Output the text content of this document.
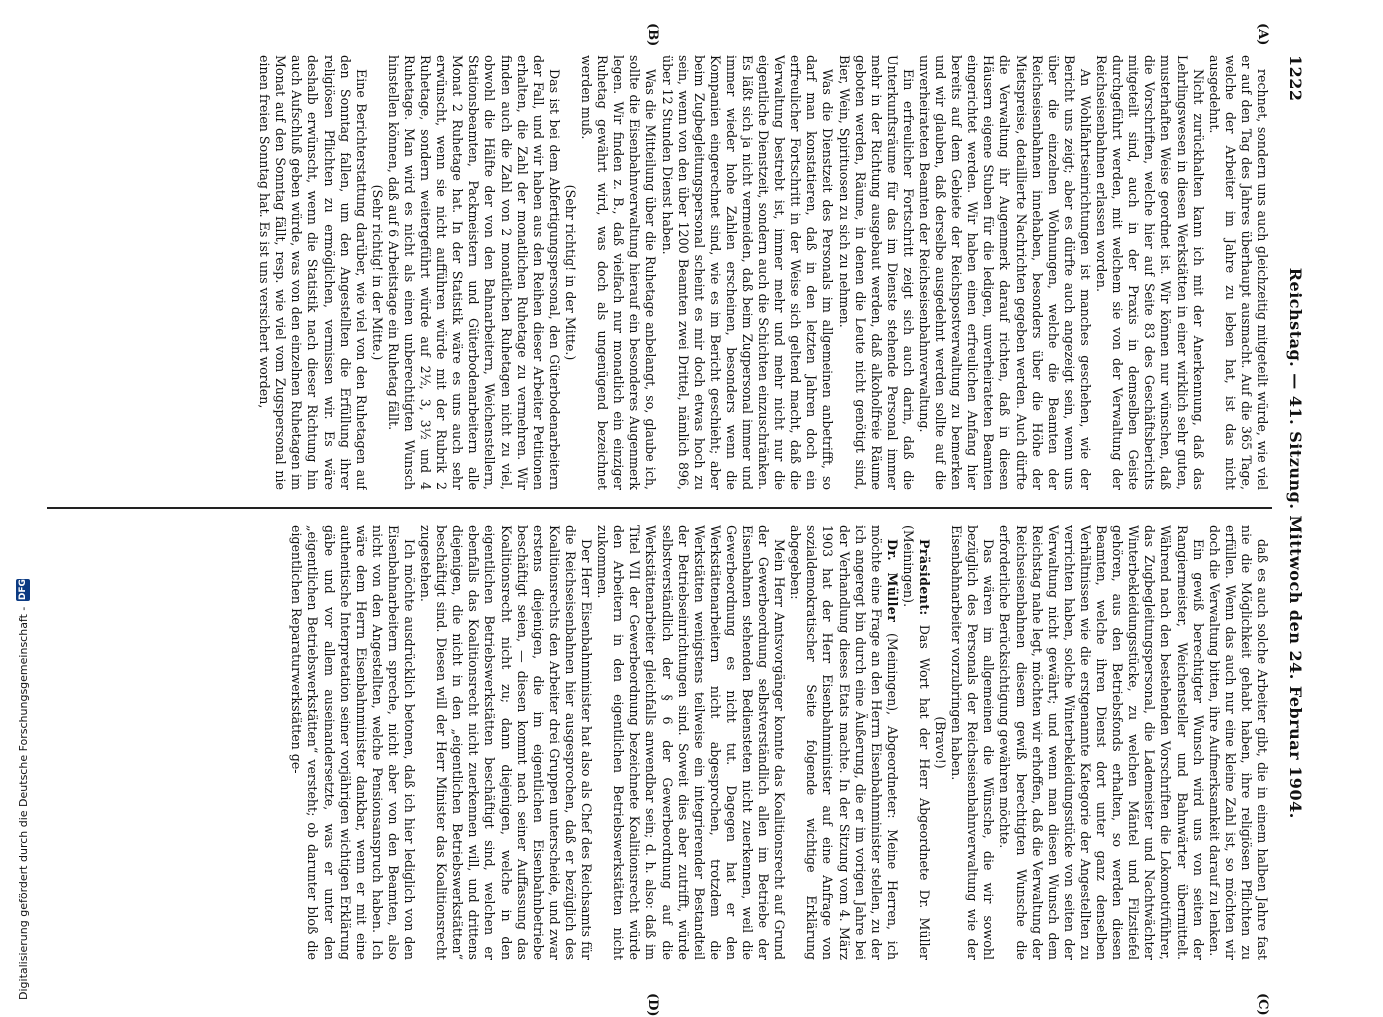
1222
Reichstag. — 41. Sitzung. Mittwoch den 24. Februar 1904.
(A)
(B)
(C)
(D)

rechnet, sondern uns auch gleichzeitig mitgeteilt würde, wie viel er auf den Tag des Jahres überhaupt ausmacht. Auf die 365 Tage, welche der Arbeiter im Jahre zu leben hat, ist das nicht ausgedehnt.

Nicht zurückhalten kann ich mit der Anerkennung, daß das Lehrlingswesen in diesen Werkstätten in einer wirklich sehr guten, musterhaften Weise geordnet ist. Wir können nur wünschen, daß die Vorschriften, welche hier auf Seite 83 des Geschäftsberichts mitgeteilt sind, auch in der Praxis in demselben Geiste durchgeführt werden, mit welchem sie von der Verwaltung der Reichseisenbahnen erlassen worden.

An Wohlfahrtseinrichtungen ist manches geschehen, wie der Bericht uns zeigt; aber es dürfte auch angezeigt sein, wenn uns über die einzelnen Wohnungen, welche die Beamten der Reichseisenbahnen innehaben, besonders über die Höhe der Mietspreise, detaillierte Nachrichten gegeben werden. Auch dürfte die Verwaltung ihr Augenmerk darauf richten, daß in diesen Häusern eigene Stuben für die ledigen, unverheirateten Beamten eingerichtet werden. Wir haben einen erfreulichen Anfang hier bereits auf dem Gebiete der Reichspostverwaltung zu bemerken und wir glauben, daß derselbe ausgedehnt werden sollte auf die unverheirateten Beamten der Reichseisenbahnverwaltung.

Ein erfreulicher Fortschritt zeigt sich auch darin, daß die Unterkunftsräume für das im Dienste stehende Personal immer mehr in der Richtung ausgebaut werden, daß alkoholfreie Räume geboten werden, Räume, in denen die Leute nicht genötigt sind, Bier, Wein, Spirituosen zu sich zu nehmen.

Was die Dienstzeit des Personals im allgemeinen anbetrifft, so darf man konstatieren, daß in den letzten Jahren doch ein erfreulicher Fortschritt in der Weise sich geltend macht, daß die Verwaltung bestrebt ist, immer mehr und mehr nicht nur die eigentliche Dienstzeit, sondern auch die Schichten einzuschränken. Es läßt sich ja nicht vermeiden, daß beim Zugpersonal immer und immer wieder hohe Zahlen erscheinen, besonders wenn die Kompanien eingerechnet sind, wie es im Bericht geschieht; aber beim Zugbegleitungspersonal scheint es mir doch etwas hoch zu sein, wenn von den über 1200 Beamten zwei Drittel, nämlich 896, über 12 Stunden Dienst haben.

Was die Mitteilung über die Ruhetage anbelangt, so, glaube ich, sollte die Eisenbahnverwaltung hierauf ein besonderes Augenmerk legen. Wir finden z. B., daß vielfach nur monatlich ein einziger Ruhetag gewährt wird, was doch als ungenügend bezeichnet werden muß.

(Sehr richtig! in der Mitte.)

Das ist bei dem Abfertigungspersonal, den Güterbodenarbeitern der Fall, und wir haben aus den Reihen dieser Arbeiter Petitionen erhalten, die Zahl der monatlichen Ruhetage zu vermehren. Wir finden auch die Zahl von 2 monatlichen Ruhetagen nicht zu viel, obwohl die Hälfte der von den Bahnarbeitern, Weichenstellern, Stationsbeamten, Packmeistern und Güterbodenarbeitern alle Monat 2 Ruhetage hat. In der Statistik wäre es uns auch sehr erwünscht, wenn sie nicht aufführen würde mit der Rubrik 2 Ruhetage, sondern weitergeführt würde auf 2½, 3, 3½ und 4 Ruhetage. Man wird es nicht als einen unberechtigten Wunsch hinstellen können, daß auf 6 Arbeitstage ein Ruhetag fällt.

(Sehr richtig! in der Mitte.)

Eine Berichterstattung darüber, wie viel von den Ruhetagen auf den Sonntag fallen, um den Angestellten die Erfüllung ihrer religiösen Pflichten zu ermöglichen, vermissen wir. Es wäre deshalb erwünscht, wenn die Statistik nach dieser Richtung hin auch Aufschluß geben würde, was von den einzelnen Ruhetagen im Monat auf den Sonntag fällt, resp. wie viel vom Zugspersonal nie einen freien Sonntag hat. Es ist uns versichert worden,

daß es auch solche Arbeiter gibt, die in einem halben Jahre fast nie die Möglichkeit gehabt haben, ihre religiösen Pflichten zu erfüllen. Wenn das auch nur eine kleine Zahl ist, so möchten wir doch die Verwaltung bitten, ihre Aufmerksamkeit darauf zu lenken.

Ein gewiß berechtigter Wunsch wird uns von seiten der Rangiermeister, Weichensteller und Bahnwärter übermittelt. Während nach den bestehenden Vorschriften die Lokomotivführer, das Zugbegleitungspersonal, die Lademeister und Nachtwächter Winterbekleidungsstücke, zu welchen Mäntel und Filzstiefel gehören, aus den Betriebsfonds erhalten, so werden diesen Beamten, welche ihren Dienst dort unter ganz denselben Verhältnissen wie die erstgenannte Kategorie der Angestellten zu verrichten haben, solche Winterbekleidungsstücke von seiten der Verwaltung nicht gewährt; und wenn man diesen Wunsch dem Reichstag nahe legt, möchten wir erhoffen, daß die Verwaltung der Reichseisenbahnen diesem gewiß berechtigten Wunsche die erforderliche Berücksichtigung gewähren möchte.

Das wären im allgemeinen die Wünsche, die wir sowohl bezüglich des Personals der Reichseisenbahnverwaltung wie der Eisenbahnarbeiter vorzubringen haben.

(Bravo!)

Präsident: Das Wort hat der Herr Abgeordnete Dr. Müller (Meiningen).

Dr. Müller (Meiningen), Abgeordneter: Meine Herren, ich möchte eine Frage an den Herrn Eisenbahnminister stellen, zu der ich angeregt bin durch eine Äußerung, die er im vorigen Jahre bei der Verhandlung dieses Etats machte. In der Sitzung vom 4. März 1903 hat der Herr Eisenbahnminister auf eine Anfrage von sozialdemokratischer Seite folgende wichtige Erklärung abgegeben:

Mein Herr Amtsvorgänger konnte das Koalitionsrecht auf Grund der Gewerbeordnung selbstverständlich allen im Betriebe der Eisenbahnen stehenden Bediensteten nicht zuerkennen, weil die Gewerbeordnung es nicht tut. Dagegen hat er den Werkstättenarbeitern nicht abgesprochen, trotzdem die Werkstätten wenigstens teilweise ein integrierender Bestandteil der Betriebseinrichtungen sind. Soweit dies aber zutrifft, würde selbstverständlich der § 6 der Gewerbeordnung auf die Werkstättenarbeiter gleichfalls anwendbar sein; d. h. also: daß im Titel VII der Gewerbeordnung bezeichnete Koalitionsrecht würde den Arbeitern in den eigentlichen Betriebswerkstätten nicht zukommen.

Der Herr Eisenbahnminister hat also als Chef des Reichsamts für die Reichseisenbahnen hier ausgesprochen, daß er bezüglich des Koalitionsrechts den Arbeiter drei Gruppen unterscheide, und zwar erstens diejenigen, die im eigentlichen Eisenbahnbetriebe beschäftigt seien, — diesen kommt nach seiner Auffassung das Koalitionsrecht nicht zu; dann diejenigen, welche in den eigentlichen Betriebswerkstätten beschäftigt sind, welchen er ebenfalls das Koalitionsrecht nicht zuerkennen will, und drittens diejenigen, die nicht in den „eigentlichen Betriebswerkstätten“ beschäftigt sind. Diesen will der Herr Minister das Koalitionsrecht zugestehen.

Ich möchte ausdrücklich betonen, daß ich hier lediglich von den Eisenbahnarbeitern spreche, nicht aber von den Beamten, also nicht von den Angestellten, welche Pensionsanspruch haben. Ich wäre dem Herrn Eisenbahnminister dankbar, wenn er mit eine authentische Interpretation seiner vorjährigen wichtigen Erklärung gäbe und vor allem auseinandersetzte, was er unter den „eigentlichen Betriebswerkstätten“ versteht; ob darunter bloß die eigentlichen Reparaturwerkstätten ge-

Digitalisierung gefördert durch die Deutsche Forschungsgemeinschaft -
DFG
